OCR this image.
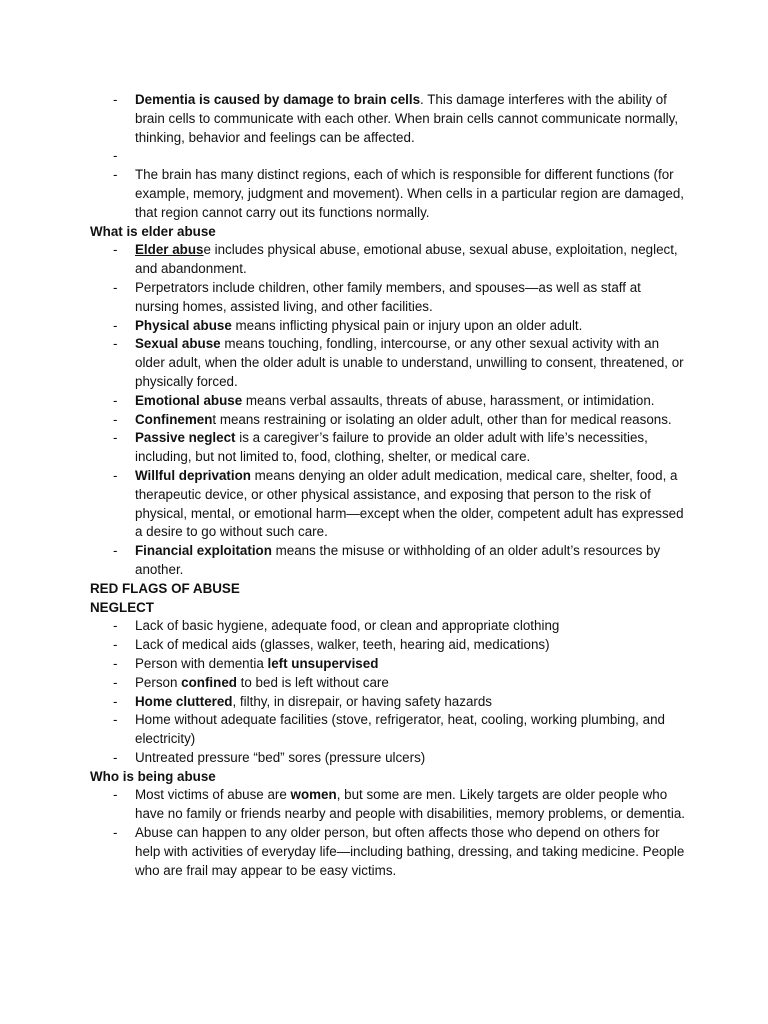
- Dementia is caused by damage to brain cells. This damage interferes with the ability of brain cells to communicate with each other. When brain cells cannot communicate normally, thinking, behavior and feelings can be affected.
-
- The brain has many distinct regions, each of which is responsible for different functions (for example, memory, judgment and movement). When cells in a particular region are damaged, that region cannot carry out its functions normally.

What is elder abuse

- Elder abuse includes physical abuse, emotional abuse, sexual abuse, exploitation, neglect, and abandonment.
- Perpetrators include children, other family members, and spouses—as well as staff at nursing homes, assisted living, and other facilities.
- Physical abuse means inflicting physical pain or injury upon an older adult.
- Sexual abuse means touching, fondling, intercourse, or any other sexual activity with an older adult, when the older adult is unable to understand, unwilling to consent, threatened, or physically forced.
- Emotional abuse means verbal assaults, threats of abuse, harassment, or intimidation.
- Confinement means restraining or isolating an older adult, other than for medical reasons.
- Passive neglect is a caregiver’s failure to provide an older adult with life’s necessities, including, but not limited to, food, clothing, shelter, or medical care.
- Willful deprivation means denying an older adult medication, medical care, shelter, food, a therapeutic device, or other physical assistance, and exposing that person to the risk of physical, mental, or emotional harm—except when the older, competent adult has expressed a desire to go without such care.
- Financial exploitation means the misuse or withholding of an older adult’s resources by another.

RED FLAGS OF ABUSE

NEGLECT

- Lack of basic hygiene, adequate food, or clean and appropriate clothing
- Lack of medical aids (glasses, walker, teeth, hearing aid, medications)
- Person with dementia left unsupervised
- Person confined to bed is left without care
- Home cluttered, filthy, in disrepair, or having safety hazards
- Home without adequate facilities (stove, refrigerator, heat, cooling, working plumbing, and electricity)
- Untreated pressure “bed” sores (pressure ulcers)

Who is being abuse

- Most victims of abuse are women, but some are men. Likely targets are older people who have no family or friends nearby and people with disabilities, memory problems, or dementia.
- Abuse can happen to any older person, but often affects those who depend on others for help with activities of everyday life—including bathing, dressing, and taking medicine. People who are frail may appear to be easy victims.
